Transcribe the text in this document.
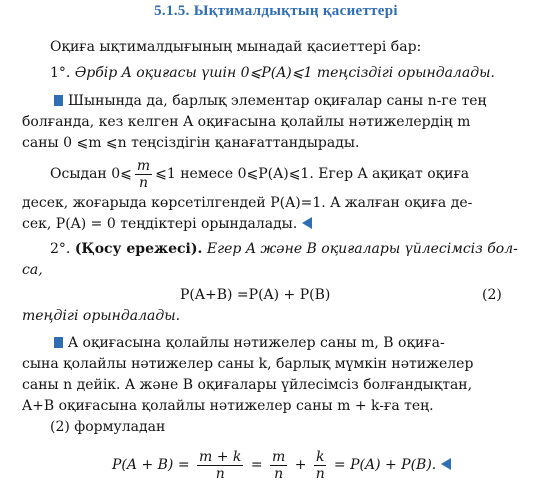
5.1.5. Ықтималдықтың қасиеттері
Оқиға ықтималдығының мынадай қасиеттері бар:
1°. Әрбір A оқиғасы үшін 0⩽P(A)⩽1 теңсіздігі орындалады.
Шынында да, барлық элементар оқиғалар саны n-ге тең
болғанда, кез келген A оқиғасына қолайлы нәтижелердің m
саны 0 ⩽m ⩽n теңсіздігін қанағаттандырады.
Осыдан 0⩽ $\frac{m}{n}$ ⩽1 немесе 0⩽P(A)⩽1. Егер A ақиқат оқиға
десек, жоғарыда көрсетілгендей P(A)=1. A жалған оқиға де-
сек, P(A) = 0 теңдіктері орындалады.
2°. (Қосу ережесі). Егер A және B оқиғалары үйлесімсіз бол-
са,
P(A+B) =P(A) + P(B)	(2)
теңдігі орындалады.
A оқиғасына қолайлы нәтижелер саны m, B оқиға-
сына қолайлы нәтижелер саны k, барлық мүмкін нәтижелер
саны n дейік. A және B оқиғалары үйлесімсіз болғандықтан,
A+B оқиғасына қолайлы нәтижелер саны m + k-ға тең.
(2) формуладан
$P(A + B) = \frac{m + k}{n} = \frac{m}{n} + \frac{k}{n} = P(A) + P(B)$.
